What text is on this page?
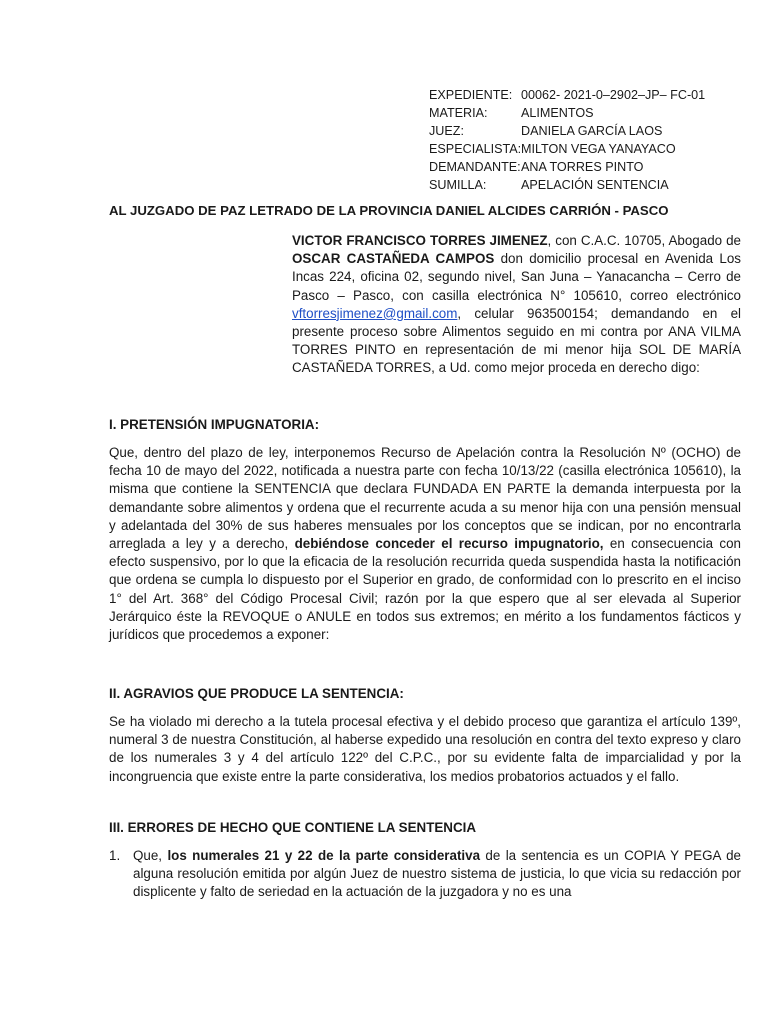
EXPEDIENTE: 00062- 2021-0–2902–JP– FC-01
MATERIA:	ALIMENTOS
JUEZ:	DANIELA GARCÍA LAOS
ESPECIALISTA: MILTON VEGA YANAYACO
DEMANDANTE: ANA TORRES PINTO
SUMILLA:	APELACIÓN SENTENCIA
AL JUZGADO DE PAZ LETRADO DE LA PROVINCIA DANIEL ALCIDES CARRIÓN - PASCO
VICTOR FRANCISCO TORRES JIMENEZ, con C.A.C. 10705, Abogado de OSCAR CASTAÑEDA CAMPOS don domicilio procesal en Avenida Los Incas 224, oficina 02, segundo nivel, San Juna – Yanacancha – Cerro de Pasco – Pasco, con casilla electrónica N° 105610, correo electrónico vftorresjimenez@gmail.com, celular 963500154; demandando en el presente proceso sobre Alimentos seguido en mi contra por ANA VILMA TORRES PINTO en representación de mi menor hija SOL DE MARÍA CASTAÑEDA TORRES, a Ud. como mejor proceda en derecho digo:
I. PRETENSIÓN IMPUGNATORIA:
Que, dentro del plazo de ley, interponemos Recurso de Apelación contra la Resolución Nº (OCHO) de fecha 10 de mayo del 2022, notificada a nuestra parte con fecha 10/13/22 (casilla electrónica 105610), la misma que contiene la SENTENCIA que declara FUNDADA EN PARTE la demanda interpuesta por la demandante sobre alimentos y ordena que el recurrente acuda a su menor hija con una pensión mensual y adelantada del 30% de sus haberes mensuales por los conceptos que se indican, por no encontrarla arreglada a ley y a derecho, debiéndose conceder el recurso impugnatorio, en consecuencia con efecto suspensivo, por lo que la eficacia de la resolución recurrida queda suspendida hasta la notificación que ordena se cumpla lo dispuesto por el Superior en grado, de conformidad con lo prescrito en el inciso 1° del Art. 368° del Código Procesal Civil; razón por la que espero que al ser elevada al Superior Jerárquico éste la REVOQUE o ANULE en todos sus extremos; en mérito a los fundamentos fácticos y jurídicos que procedemos a exponer:
II. AGRAVIOS QUE PRODUCE LA SENTENCIA:
Se ha violado mi derecho a la tutela procesal efectiva y el debido proceso que garantiza el artículo 139º, numeral 3 de nuestra Constitución, al haberse expedido una resolución en contra del texto expreso y claro de los numerales 3 y 4 del artículo 122º del C.P.C., por su evidente falta de imparcialidad y por la incongruencia que existe entre la parte considerativa, los medios probatorios actuados y el fallo.
III. ERRORES DE HECHO QUE CONTIENE LA SENTENCIA
1. Que, los numerales 21 y 22 de la parte considerativa de la sentencia es un COPIA Y PEGA de alguna resolución emitida por algún Juez de nuestro sistema de justicia, lo que vicia su redacción por displicente y falto de seriedad en la actuación de la juzgadora y no es una
